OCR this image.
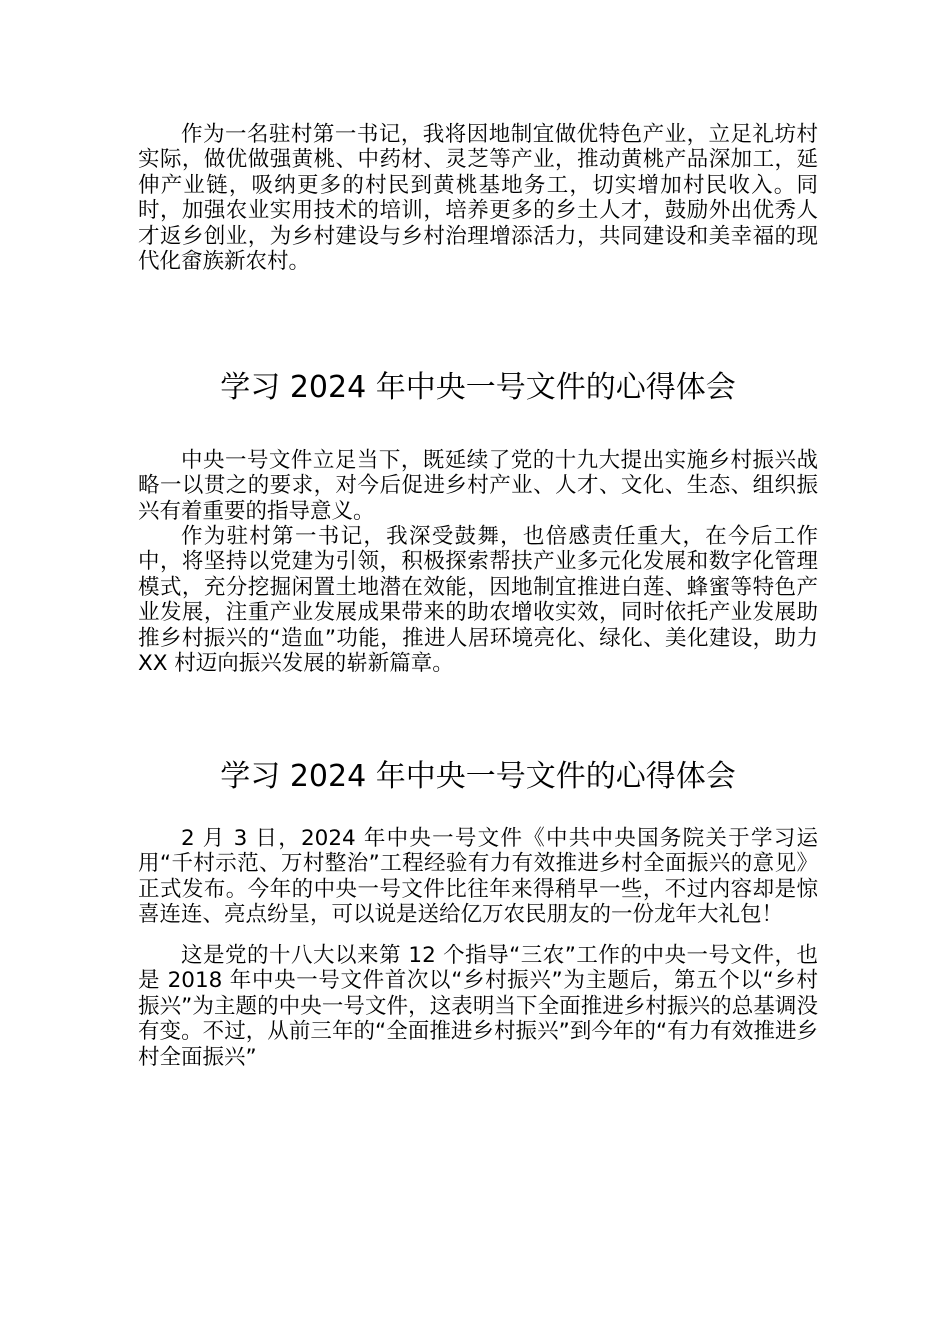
作为一名驻村第一书记，我将因地制宜做优特色产业，立足礼坊村实际，做优做强黄桃、中药材、灵芝等产业，推动黄桃产品深加工，延伸产业链，吸纳更多的村民到黄桃基地务工，切实增加村民收入。同时，加强农业实用技术的培训，培养更多的乡土人才，鼓励外出优秀人才返乡创业，为乡村建设与乡村治理增添活力，共同建设和美幸福的现代化畲族新农村。

学习 2024 年中央一号文件的心得体会

中央一号文件立足当下，既延续了党的十九大提出实施乡村振兴战略一以贯之的要求，对今后促进乡村产业、人才、文化、生态、组织振兴有着重要的指导意义。

作为驻村第一书记，我深受鼓舞，也倍感责任重大，在今后工作中，将坚持以党建为引领，积极探索帮扶产业多元化发展和数字化管理模式，充分挖掘闲置土地潜在效能，因地制宜推进白莲、蜂蜜等特色产业发展，注重产业发展成果带来的助农增收实效，同时依托产业发展助推乡村振兴的“造血”功能，推进人居环境亮化、绿化、美化建设，助力 XX 村迈向振兴发展的崭新篇章。

学习 2024 年中央一号文件的心得体会

2 月 3 日，2024 年中央一号文件《中共中央国务院关于学习运用“千村示范、万村整治”工程经验有力有效推进乡村全面振兴的意见》正式发布。今年的中央一号文件比往年来得稍早一些，不过内容却是惊喜连连、亮点纷呈，可以说是送给亿万农民朋友的一份龙年大礼包！

这是党的十八大以来第 12 个指导“三农”工作的中央一号文件，也是 2018 年中央一号文件首次以“乡村振兴”为主题后，第五个以“乡村振兴”为主题的中央一号文件，这表明当下全面推进乡村振兴的总基调没有变。不过，从前三年的“全面推进乡村振兴”到今年的“有力有效推进乡村全面振兴”
